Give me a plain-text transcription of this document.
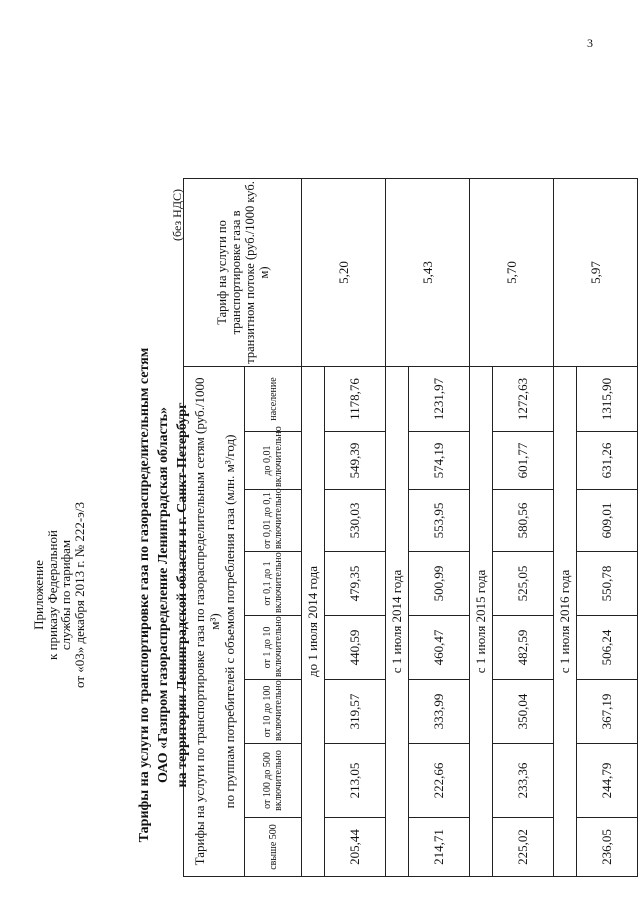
3
Приложение
к приказу Федеральной
службы по тарифам
от «03» декабря 2013 г. № 222-э/3	Тарифы на услуги по транспортировке газа по газораспределительным сетям ОАО «Газпром газораспределение Ленинградская область» на территории Ленинградской области и г. Санкт-Петербург
(без НДС)
Тарифы на услуги по транспортировке газа по газораспределительным сетям (руб./1000 м³) по группам потребителей с объемом потребления газа (млн. м³/год)								Тариф на услуги по транспортировке газа в транзитном потоке (руб./1000 куб. м)
свыше 500	от 100 до 500 включительно	от 10 до 100 включительно	от 1 до 10 включительно	от 0,1 до 1 включительно	от 0,01 до 0,1 включительно	до 0,01 включительно	население	
до 1 июля 2014 года								5,20
205,44	213,05	319,57	440,59	479,35	530,03	549,39	1178,76	
с 1 июля 2014 года								5,43
214,71	222,66	333,99	460,47	500,99	553,95	574,19	1231,97	
с 1 июля 2015 года								5,70
225,02	233,36	350,04	482,59	525,05	580,56	601,77	1272,63	
с 1 июля 2016 года								5,97
236,05	244,79	367,19	506,24	550,78	609,01	631,26	1315,90	
